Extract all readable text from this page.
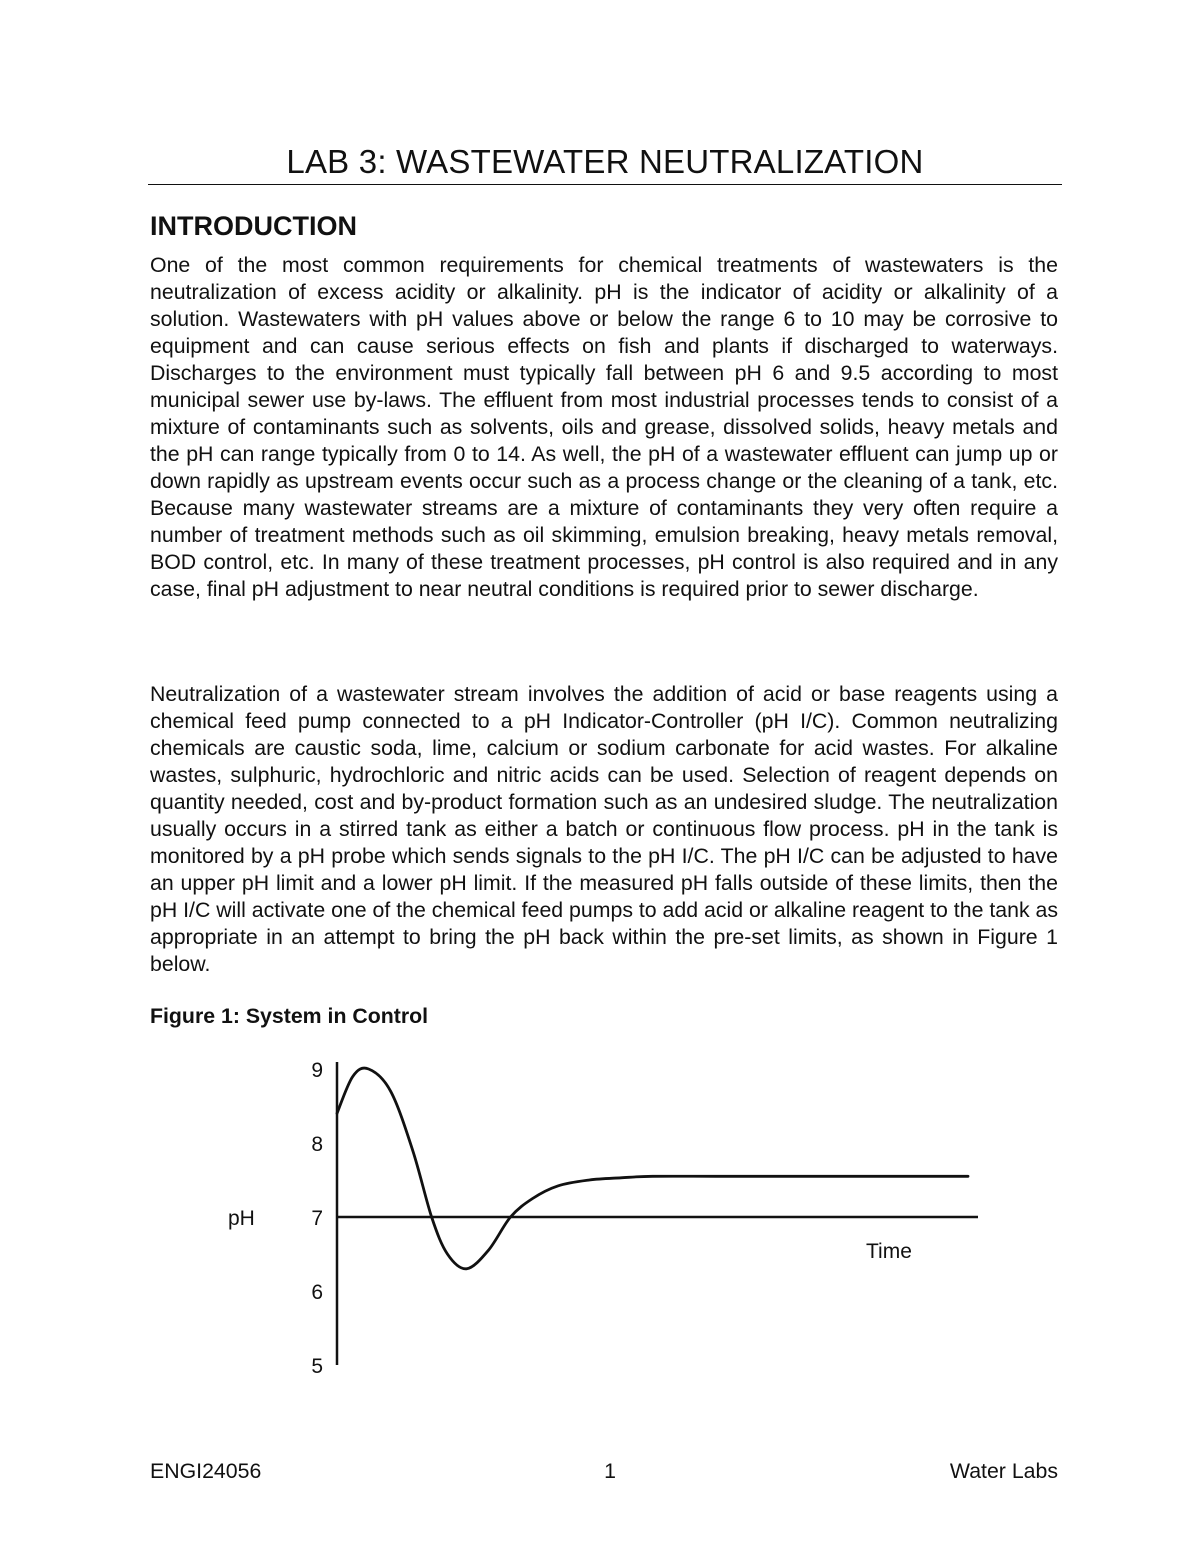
LAB 3: WASTEWATER NEUTRALIZATION
INTRODUCTION

One of the most common requirements for chemical treatments of wastewaters is the neutralization of excess acidity or alkalinity. pH is the indicator of acidity or alkalinity of a solution. Wastewaters with pH values above or below the range 6 to 10 may be corrosive to equipment and can cause serious effects on fish and plants if discharged to waterways. Discharges to the environment must typically fall between pH 6 and 9.5 according to most municipal sewer use by-laws. The effluent from most industrial processes tends to consist of a mixture of contaminants such as solvents, oils and grease, dissolved solids, heavy metals and the pH can range typically from 0 to 14. As well, the pH of a wastewater effluent can jump up or down rapidly as upstream events occur such as a process change or the cleaning of a tank, etc. Because many wastewater streams are a mixture of contaminants they very often require a number of treatment methods such as oil skimming, emulsion breaking, heavy metals removal, BOD control, etc. In many of these treatment processes, pH control is also required and in any case, final pH adjustment to near neutral conditions is required prior to sewer discharge.

Neutralization of a wastewater stream involves the addition of acid or base reagents using a chemical feed pump connected to a pH Indicator-Controller (pH I/C). Common neutralizing chemicals are caustic soda, lime, calcium or sodium carbonate for acid wastes. For alkaline wastes, sulphuric, hydrochloric and nitric acids can be used. Selection of reagent depends on quantity needed, cost and by-product formation such as an undesired sludge. The neutralization usually occurs in a stirred tank as either a batch or continuous flow process. pH in the tank is monitored by a pH probe which sends signals to the pH I/C. The pH I/C can be adjusted to have an upper pH limit and a lower pH limit. If the measured pH falls outside of these limits, then the pH I/C will activate one of the chemical feed pumps to add acid or alkaline reagent to the tank as appropriate in an attempt to bring the pH back within the pre-set limits, as shown in Figure 1 below.

Figure 1: System in Control
9
8
7
6
5
pH
Time
ENGI24056	1	Water Labs
